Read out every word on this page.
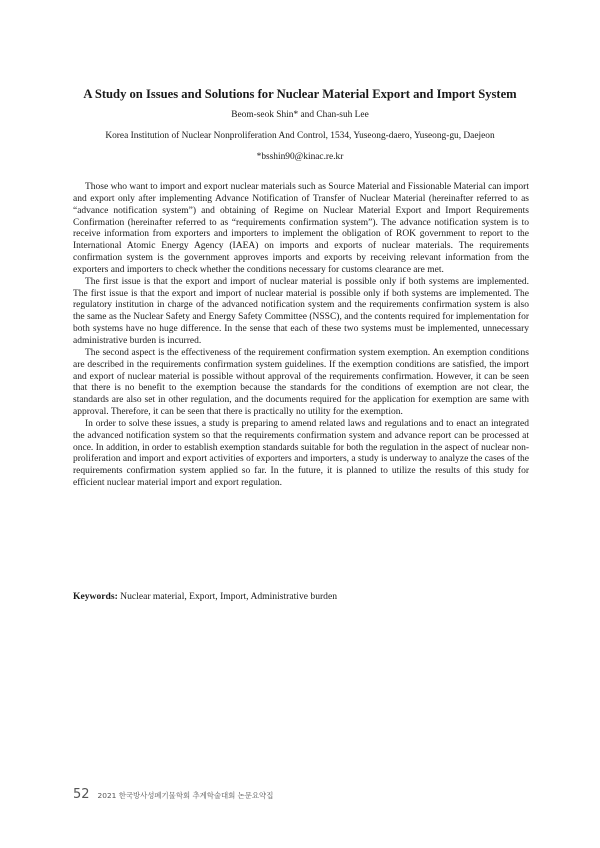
A Study on Issues and Solutions for Nuclear Material Export and Import System
Beom-seok Shin* and Chan-suh Lee
Korea Institution of Nuclear Nonproliferation And Control, 1534, Yuseong-daero, Yuseong-gu, Daejeon
*bsshin90@kinac.re.kr

Those who want to import and export nuclear materials such as Source Material and Fissionable Material can import and export only after implementing Advance Notification of Transfer of Nuclear Material (hereinafter referred to as “advance notification system”) and obtaining of Regime on Nuclear Material Export and Import Requirements Confirmation (hereinafter referred to as “requirements confirmation system”). The advance notification system is to receive information from exporters and importers to implement the obligation of ROK government to report to the International Atomic Energy Agency (IAEA) on imports and exports of nuclear materials. The requirements confirmation system is the government approves imports and exports by receiving relevant information from the exporters and importers to check whether the conditions necessary for customs clearance are met.

The first issue is that the export and import of nuclear material is possible only if both systems are implemented. The first issue is that the export and import of nuclear material is possible only if both systems are implemented. The regulatory institution in charge of the advanced notification system and the requirements confirmation system is also the same as the Nuclear Safety and Energy Safety Committee (NSSC), and the contents required for implementation for both systems have no huge difference. In the sense that each of these two systems must be implemented, unnecessary administrative burden is incurred.

The second aspect is the effectiveness of the requirement confirmation system exemption. An exemption conditions are described in the requirements confirmation system guidelines. If the exemption conditions are satisfied, the import and export of nuclear material is possible without approval of the requirements confirmation. However, it can be seen that there is no benefit to the exemption because the standards for the conditions of exemption are not clear, the standards are also set in other regulation, and the documents required for the application for exemption are same with approval. Therefore, it can be seen that there is practically no utility for the exemption.

In order to solve these issues, a study is preparing to amend related laws and regulations and to enact an integrated the advanced notification system so that the requirements confirmation system and advance report can be processed at once. In addition, in order to establish exemption standards suitable for both the regulation in the aspect of nuclear non-proliferation and import and export activities of exporters and importers, a study is underway to analyze the cases of the requirements confirmation system applied so far. In the future, it is planned to utilize the results of this study for efficient nuclear material import and export regulation.

Keywords: Nuclear material, Export, Import, Administrative burden
52 2021 한국방사성폐기물학회 추계학술대회 논문요약집
